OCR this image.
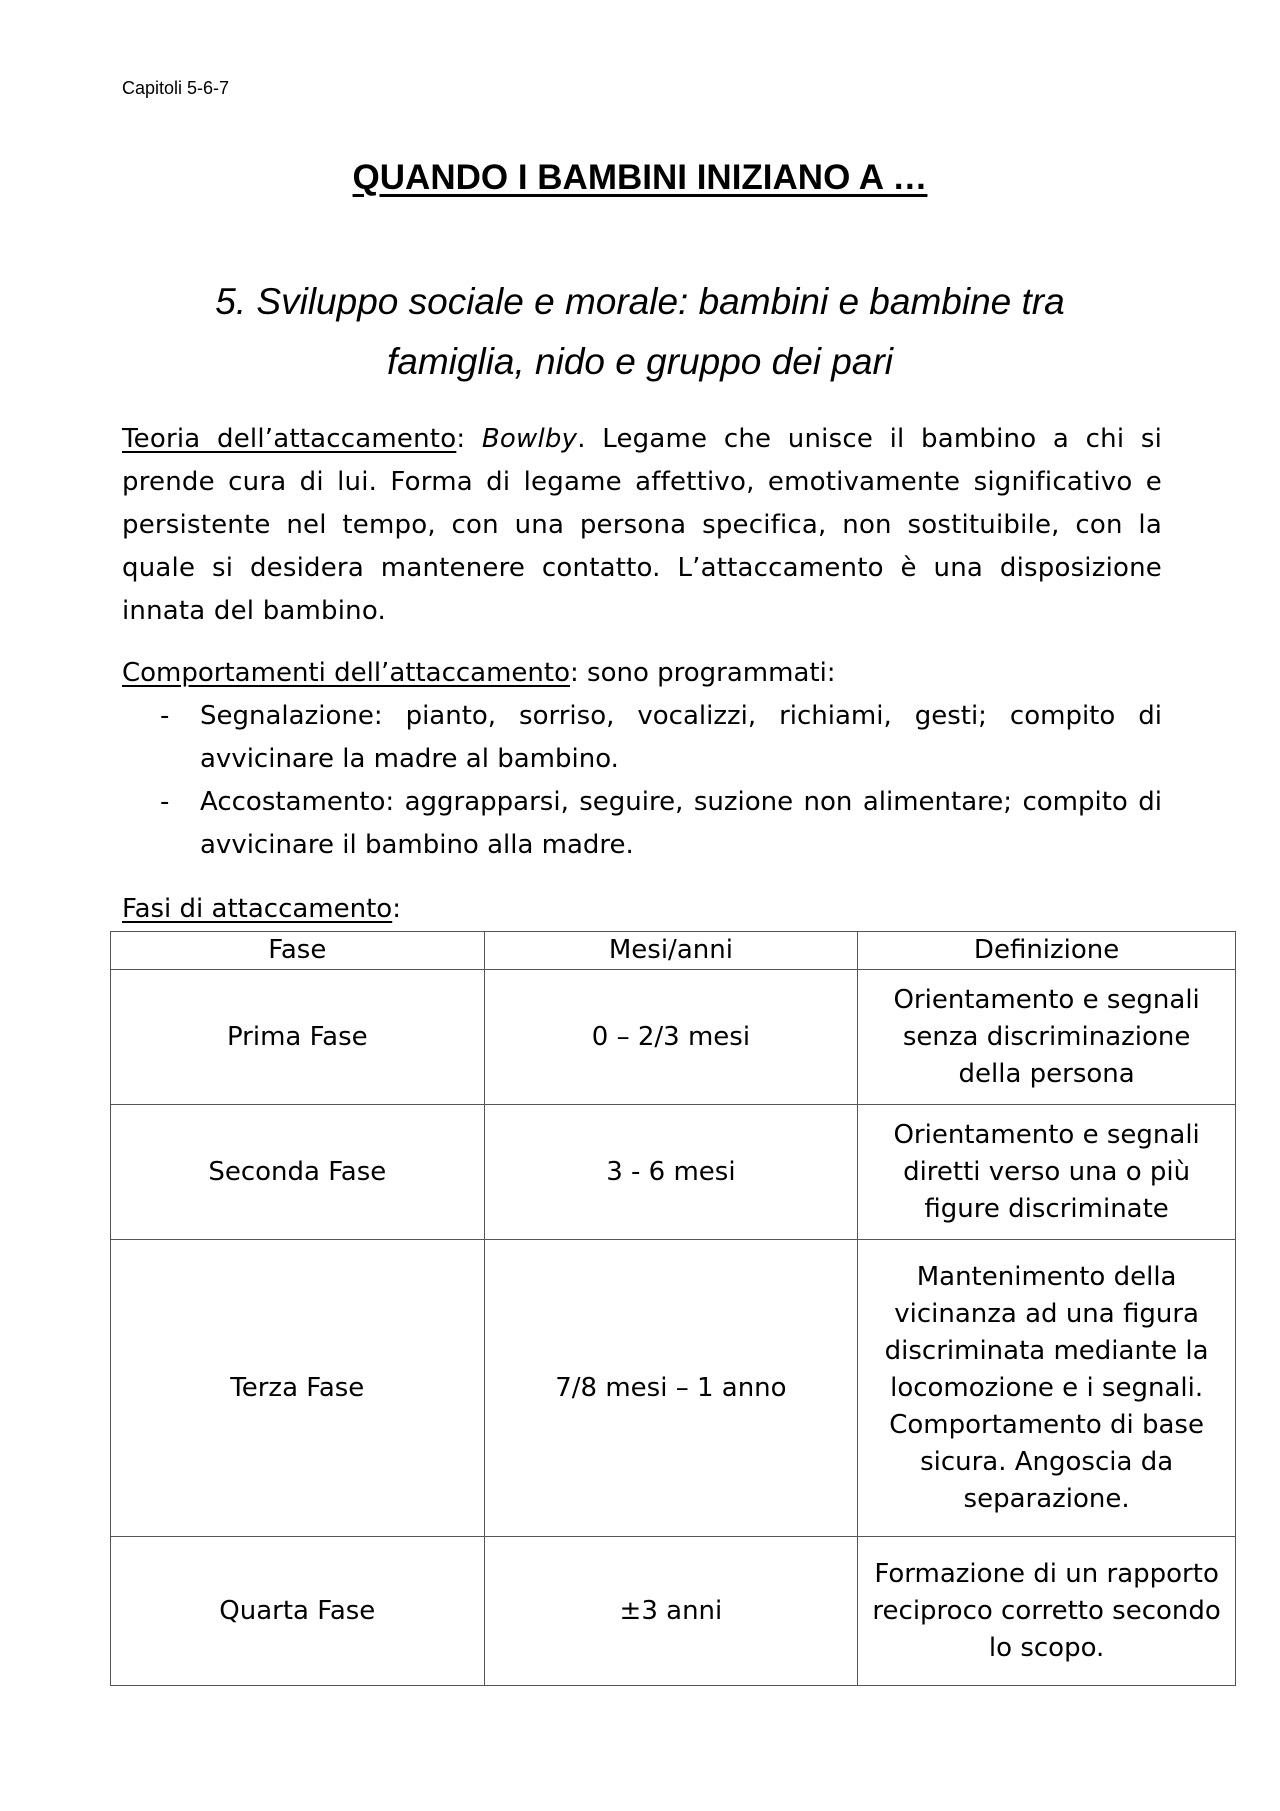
Capitoli 5-6-7
QUANDO I BAMBINI INIZIANO A …
5. Sviluppo sociale e morale: bambini e bambine tra
famiglia, nido e gruppo dei pari

Teoria dell’attaccamento: Bowlby. Legame che unisce il bambino a chi si prende cura di lui. Forma di legame affettivo, emotivamente significativo e persistente nel tempo, con una persona specifica, non sostituibile, con la quale si desidera mantenere contatto. L’attaccamento è una disposizione innata del bambino.

Comportamenti dell’attaccamento: sono programmati:
- Segnalazione: pianto, sorriso, vocalizzi, richiami, gesti; compito di avvicinare la madre al bambino.
- Accostamento: aggrapparsi, seguire, suzione non alimentare; compito di avvicinare il bambino alla madre.
Fasi di attaccamento:
Fase	Mesi/anni	Definizione
Prima Fase	0 – 2/3 mesi	Orientamento e segnali senza discriminazione della persona
Seconda Fase	3 - 6 mesi	Orientamento e segnali diretti verso una o più figure discriminate
Terza Fase	7/8 mesi – 1 anno	Mantenimento della vicinanza ad una figura discriminata mediante la locomozione e i segnali. Comportamento di base sicura. Angoscia da separazione.
Quarta Fase	±3 anni	Formazione di un rapporto reciproco corretto secondo lo scopo.
